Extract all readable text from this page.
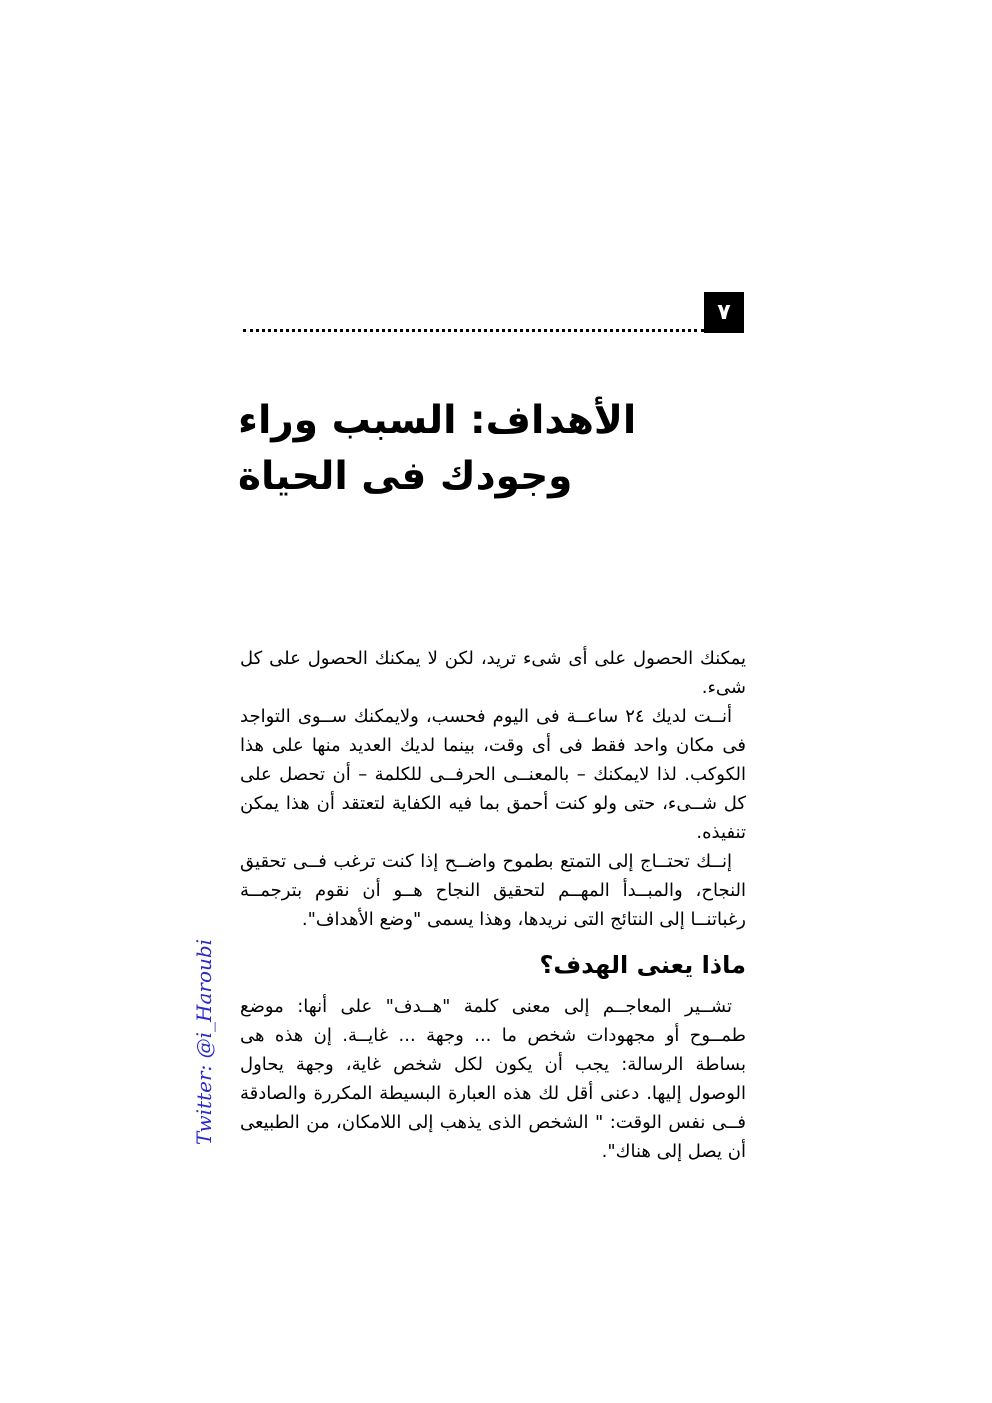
٧
الأهداف: السبب وراء
وجودك فى الحياة

يمكنك الحصول على أى شىء تريد، لكن لا يمكنك الحصول على كل شىء.

أنــت لديك ٢٤ ساعــة فى اليوم فحسب، ولايمكنك ســوى التواجد فى مكان واحد فقط فى أى وقت، بينما لديك العديد منها على هذا الكوكب. لذا لايمكنك – بالمعنــى الحرفــى للكلمة – أن تحصل على كل شــىء، حتى ولو كنت أحمق بما فيه الكفاية لتعتقد أن هذا يمكن تنفيذه.

إنــك تحتــاج إلى التمتع بطموح واضــح إذا كنت ترغب فــى تحقيق النجاح، والمبــدأ المهــم لتحقيق النجاح هــو أن نقوم بترجمــة رغباتنــا إلى النتائج التى نريدها، وهذا يسمى "وضع الأهداف".

ماذا يعنى الهدف؟

تشــير المعاجــم إلى معنى كلمة "هــدف" على أنها: موضع طمــوح أو مجهودات شخص ما ... وجهة ... غايــة. إن هذه هى بساطة الرسالة: يجب أن يكون لكل شخص غاية، وجهة يحاول الوصول إليها. دعنى أقل لك هذه العبارة البسيطة المكررة والصادقة فــى نفس الوقت: " الشخص الذى يذهب إلى اللامكان، من الطبيعى أن يصل إلى هناك".

Twitter: @i_Haroubi
